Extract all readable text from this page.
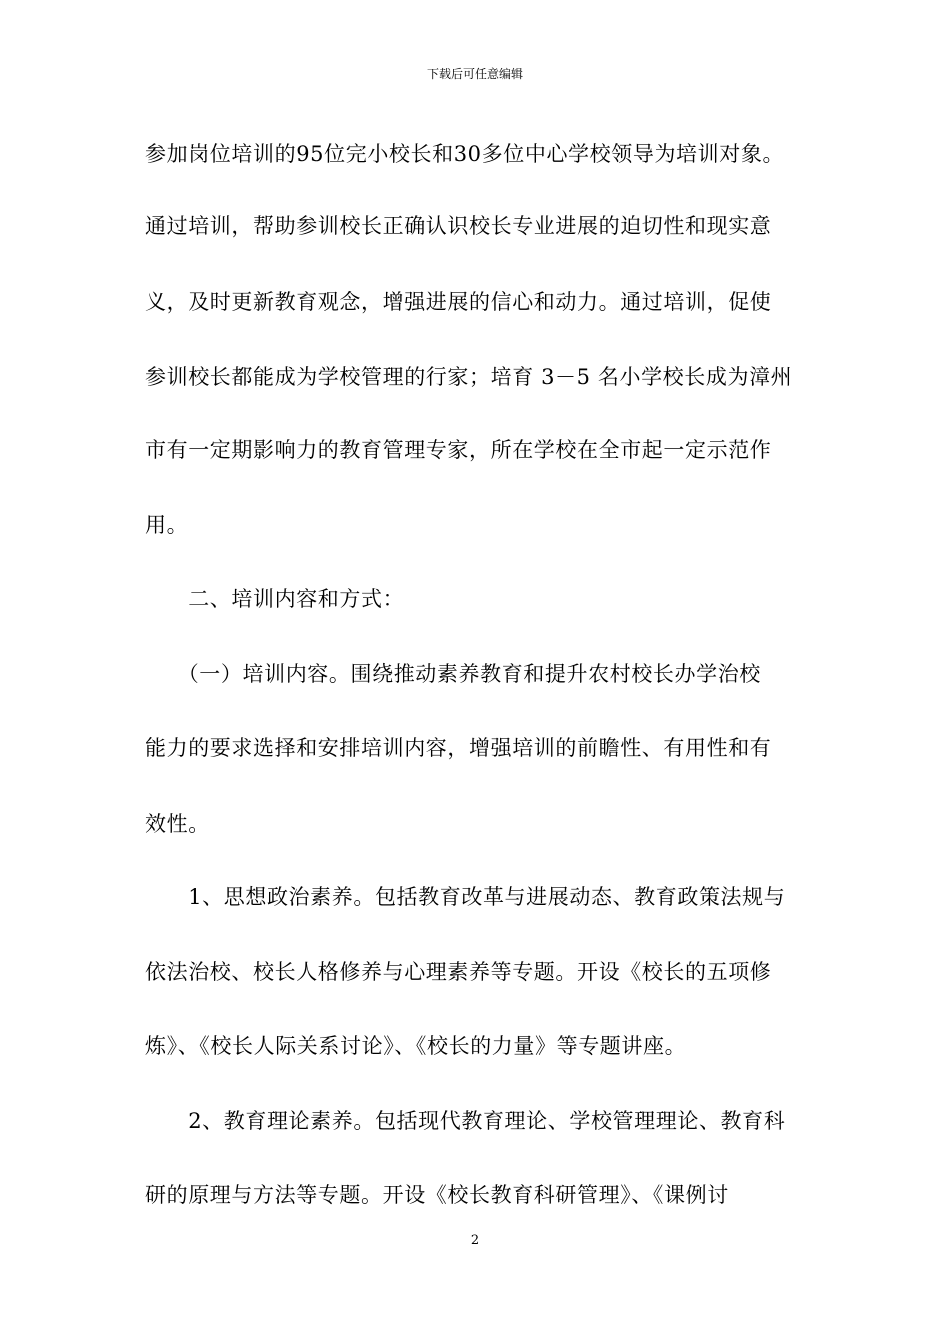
下载后可任意编辑
参加岗位培训的95位完小校长和30多位中心学校领导为培训对象。
通过培训，帮助参训校长正确认识校长专业进展的迫切性和现实意
义，及时更新教育观念，增强进展的信心和动力。通过培训，促使
参训校长都能成为学校管理的行家；培育 3－5 名小学校长成为漳州
市有一定期影响力的教育管理专家，所在学校在全市起一定示范作
用。
　　二、培训内容和方式：
　　（一）培训内容。围绕推动素养教育和提升农村校长办学治校
能力的要求选择和安排培训内容，增强培训的前瞻性、有用性和有
效性。
　　1、思想政治素养。包括教育改革与进展动态、教育政策法规与
依法治校、校长人格修养与心理素养等专题。开设《校长的五项修
炼》、《校长人际关系讨论》、《校长的力量》等专题讲座。
　　2、教育理论素养。包括现代教育理论、学校管理理论、教育科
研的原理与方法等专题。开设《校长教育科研管理》、《课例讨
2
